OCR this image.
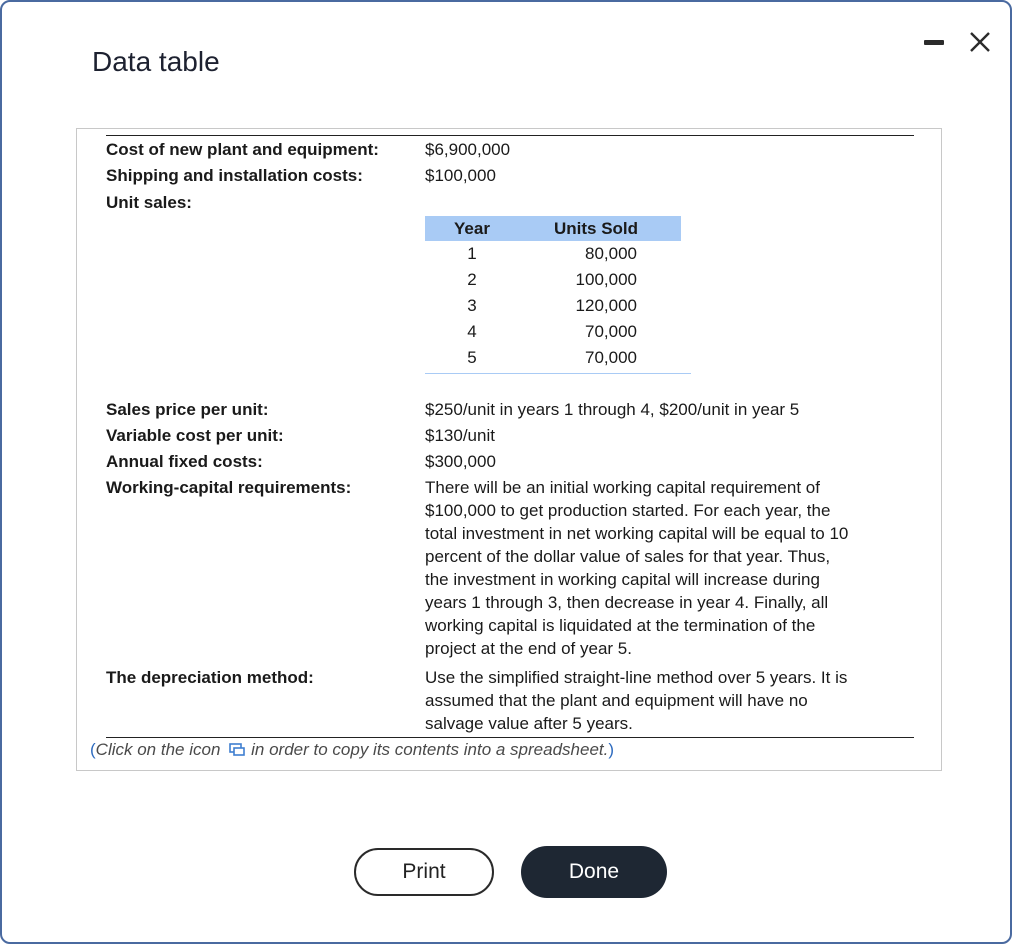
Data table
Cost of new plant and equipment:	$6,900,000
Shipping and installation costs:	$100,000
Unit sales:
Year	Units Sold
1	80,000
2	100,000
3	120,000
4	70,000
5	70,000
Sales price per unit:	$250/unit in years 1 through 4, $200/unit in year 5
Variable cost per unit:	$130/unit
Annual fixed costs:	$300,000
Working-capital requirements:	There will be an initial working capital requirement of
$100,000 to get production started. For each year, the
total investment in net working capital will be equal to 10
percent of the dollar value of sales for that year. Thus,
the investment in working capital will increase during
years 1 through 3, then decrease in year 4. Finally, all
working capital is liquidated at the termination of the
project at the end of year 5.
The depreciation method:	Use the simplified straight-line method over 5 years. It is
assumed that the plant and equipment will have no
salvage value after 5 years.
(Click on the icon in order to copy its contents into a spreadsheet.)
Print	Done
